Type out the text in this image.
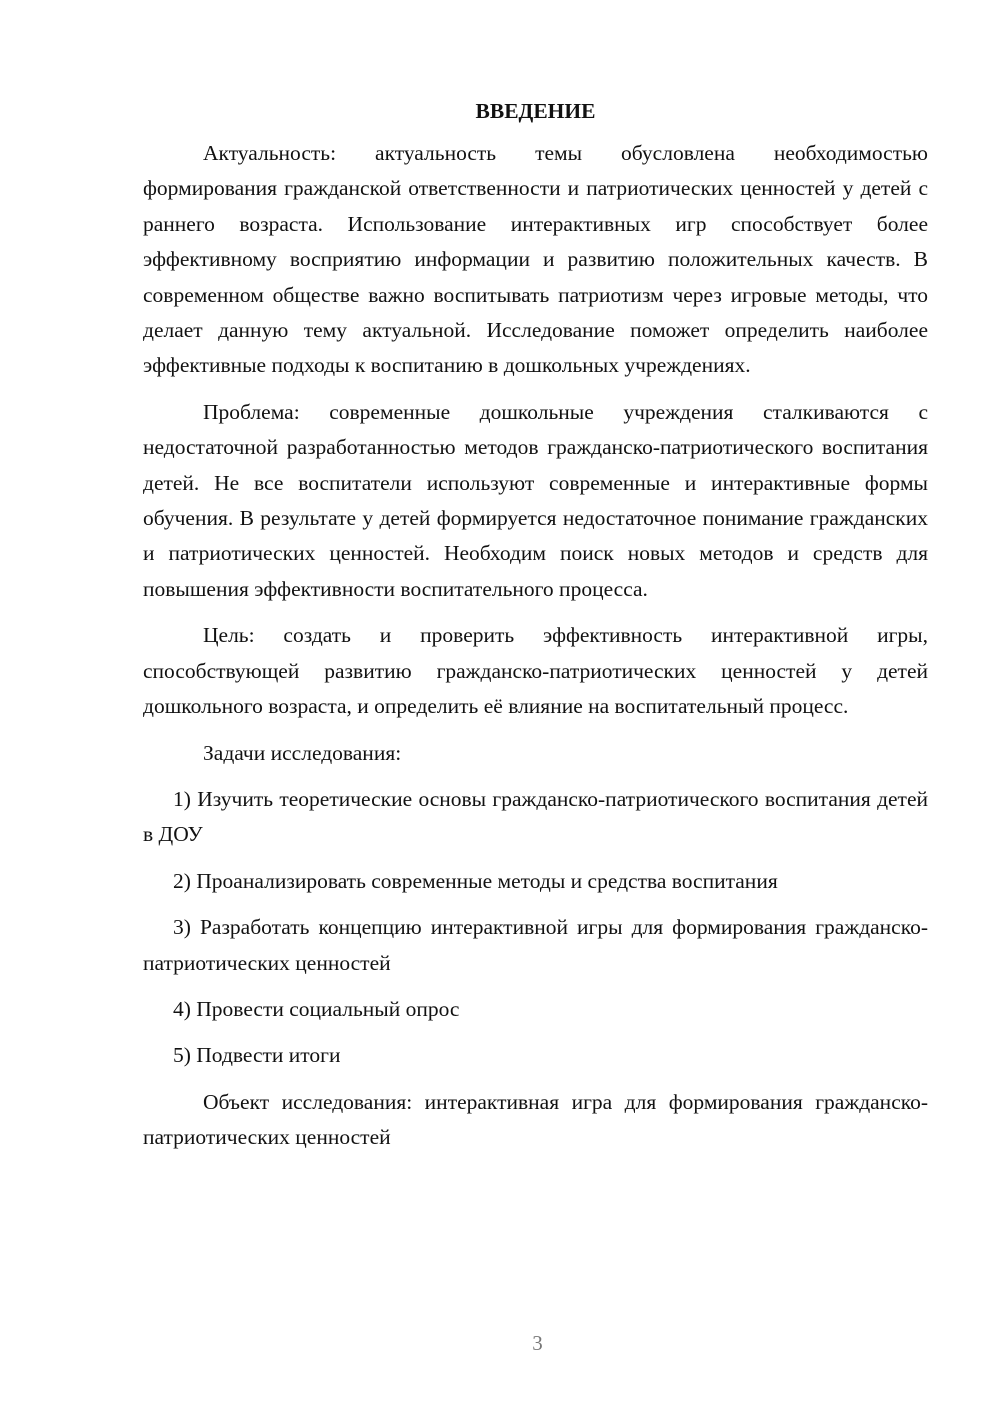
ВВЕДЕНИЕ

Актуальность: актуальность темы обусловлена необходимостью формирования гражданской ответственности и патриотических ценностей у детей с раннего возраста. Использование интерактивных игр способствует более эффективному восприятию информации и развитию положительных качеств. В современном обществе важно воспитывать патриотизм через игровые методы, что делает данную тему актуальной. Исследование поможет определить наиболее эффективные подходы к воспитанию в дошкольных учреждениях.

Проблема: современные дошкольные учреждения сталкиваются с недостаточной разработанностью методов гражданско-патриотического воспитания детей. Не все воспитатели используют современные и интерактивные формы обучения. В результате у детей формируется недостаточное понимание гражданских и патриотических ценностей. Необходим поиск новых методов и средств для повышения эффективности воспитательного процесса.

Цель: создать и проверить эффективность интерактивной игры, способствующей развитию гражданско-патриотических ценностей у детей дошкольного возраста, и определить её влияние на воспитательный процесс.

Задачи исследования:

1) Изучить теоретические основы гражданско-патриотического воспитания детей в ДОУ

2) Проанализировать современные методы и средства воспитания

3) Разработать концепцию интерактивной игры для формирования гражданско-патриотических ценностей

4) Провести социальный опрос

5) Подвести итоги

Объект исследования: интерактивная игра для формирования гражданско-патриотических ценностей

3
